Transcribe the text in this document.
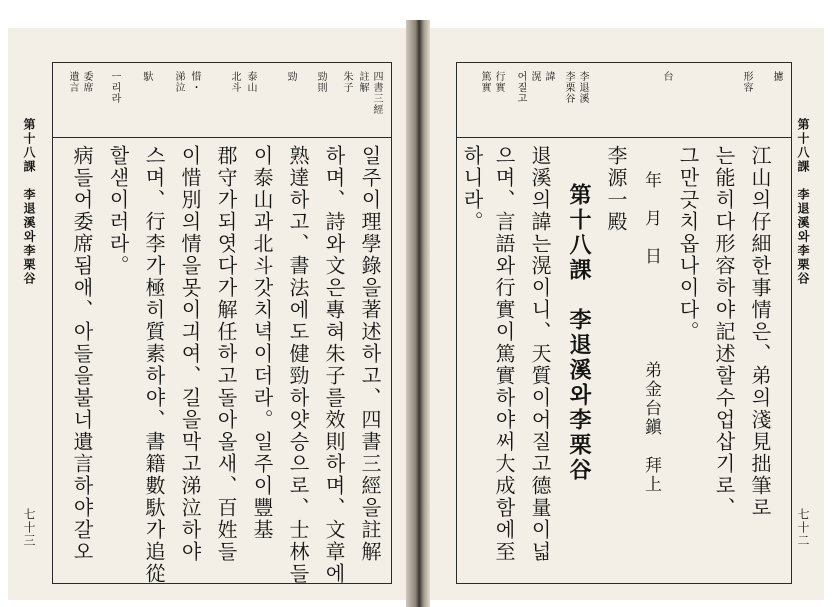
第十八課　李退溪와李栗谷
七十三
四書三經
註解
朱子
勁則
勁
泰山
北斗
惜・
涕泣
馱
ㅡ리라
委席
遺言
일주이理學錄을著述하고、四書三經을註解
하며、詩와文은專혀朱子를效則하며、文章에
熟達하고、書法에도健勁하얏승으로、士林들
이泰山과北斗갓치녁이더라。일주이豐基
郡守가되엿다가解任하고돌아올새、百姓들
이惜別의情을못이긔여、길을막고涕泣하야
스며、行李가極히質素하야、書籍數馱가追從
할샏이러라。
病들어委席됨애、아들을불너遺言하야갈오	第十八課　李退溪와李栗谷
七十二
攄
形容
台
李退溪
李栗谷
諱
滉
어질고
行實
篤實
江山의仔細한事情은、弟의淺見拙筆로
는能히다形容하야記述할수업삽기로、
그만긋치옵나이다。
年　月　日　　　　　弟金台鎭　拜上
李源一殿
第十八課　李退溪와李栗谷
退溪의諱는滉이니、天質이어질고德量이넓
으며、言語와行實이篤實하야써大成함에至
하니라。
